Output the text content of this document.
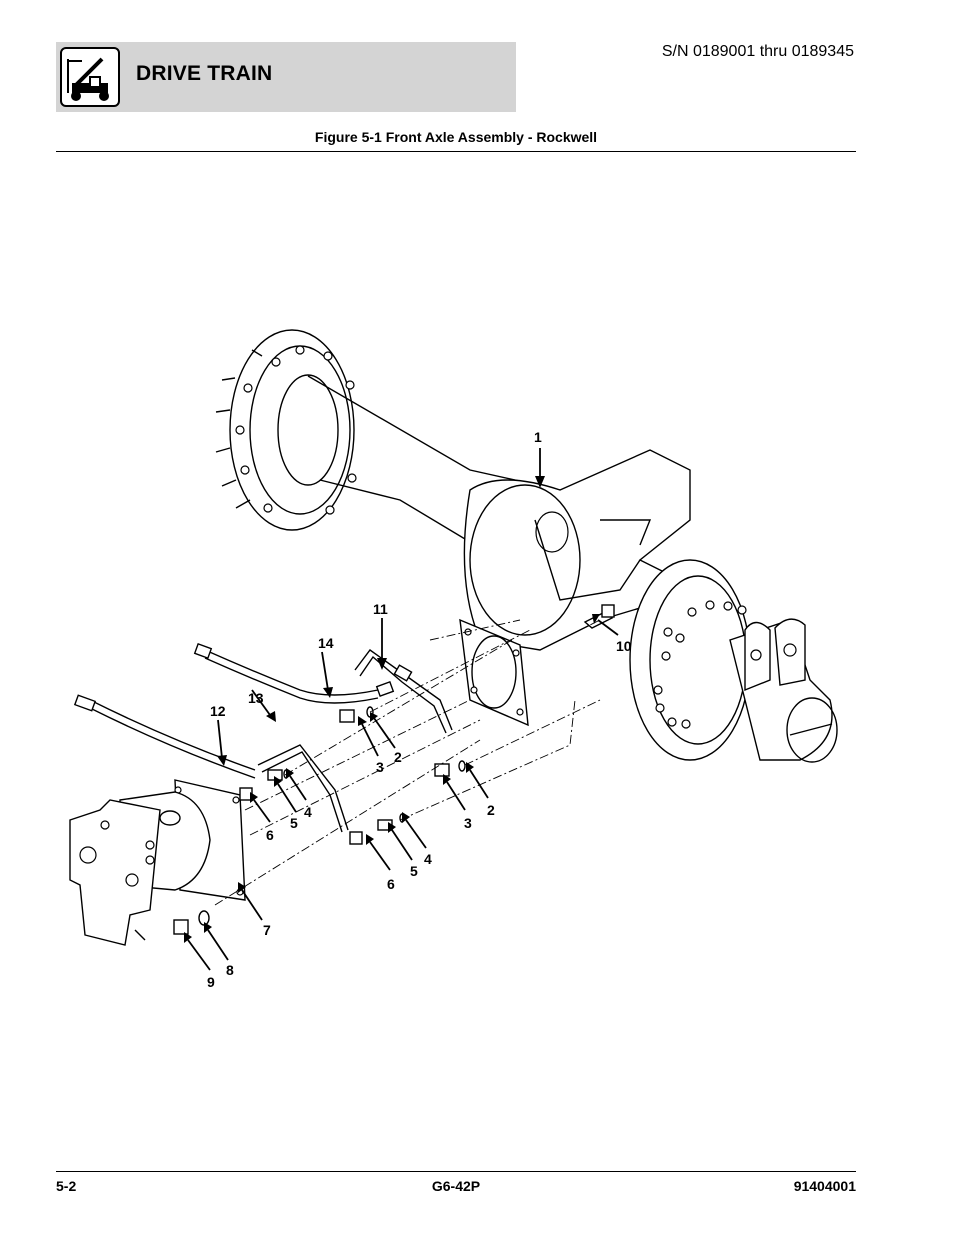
DRIVE TRAIN
S/N 0189001 thru 0189345
Figure 5-1 Front Axle Assembly - Rockwell
1
11
10
14
13
12
3
2
3
2
6
5
4
6
5
4
7
8
9
5-2	G6-42P	91404001
